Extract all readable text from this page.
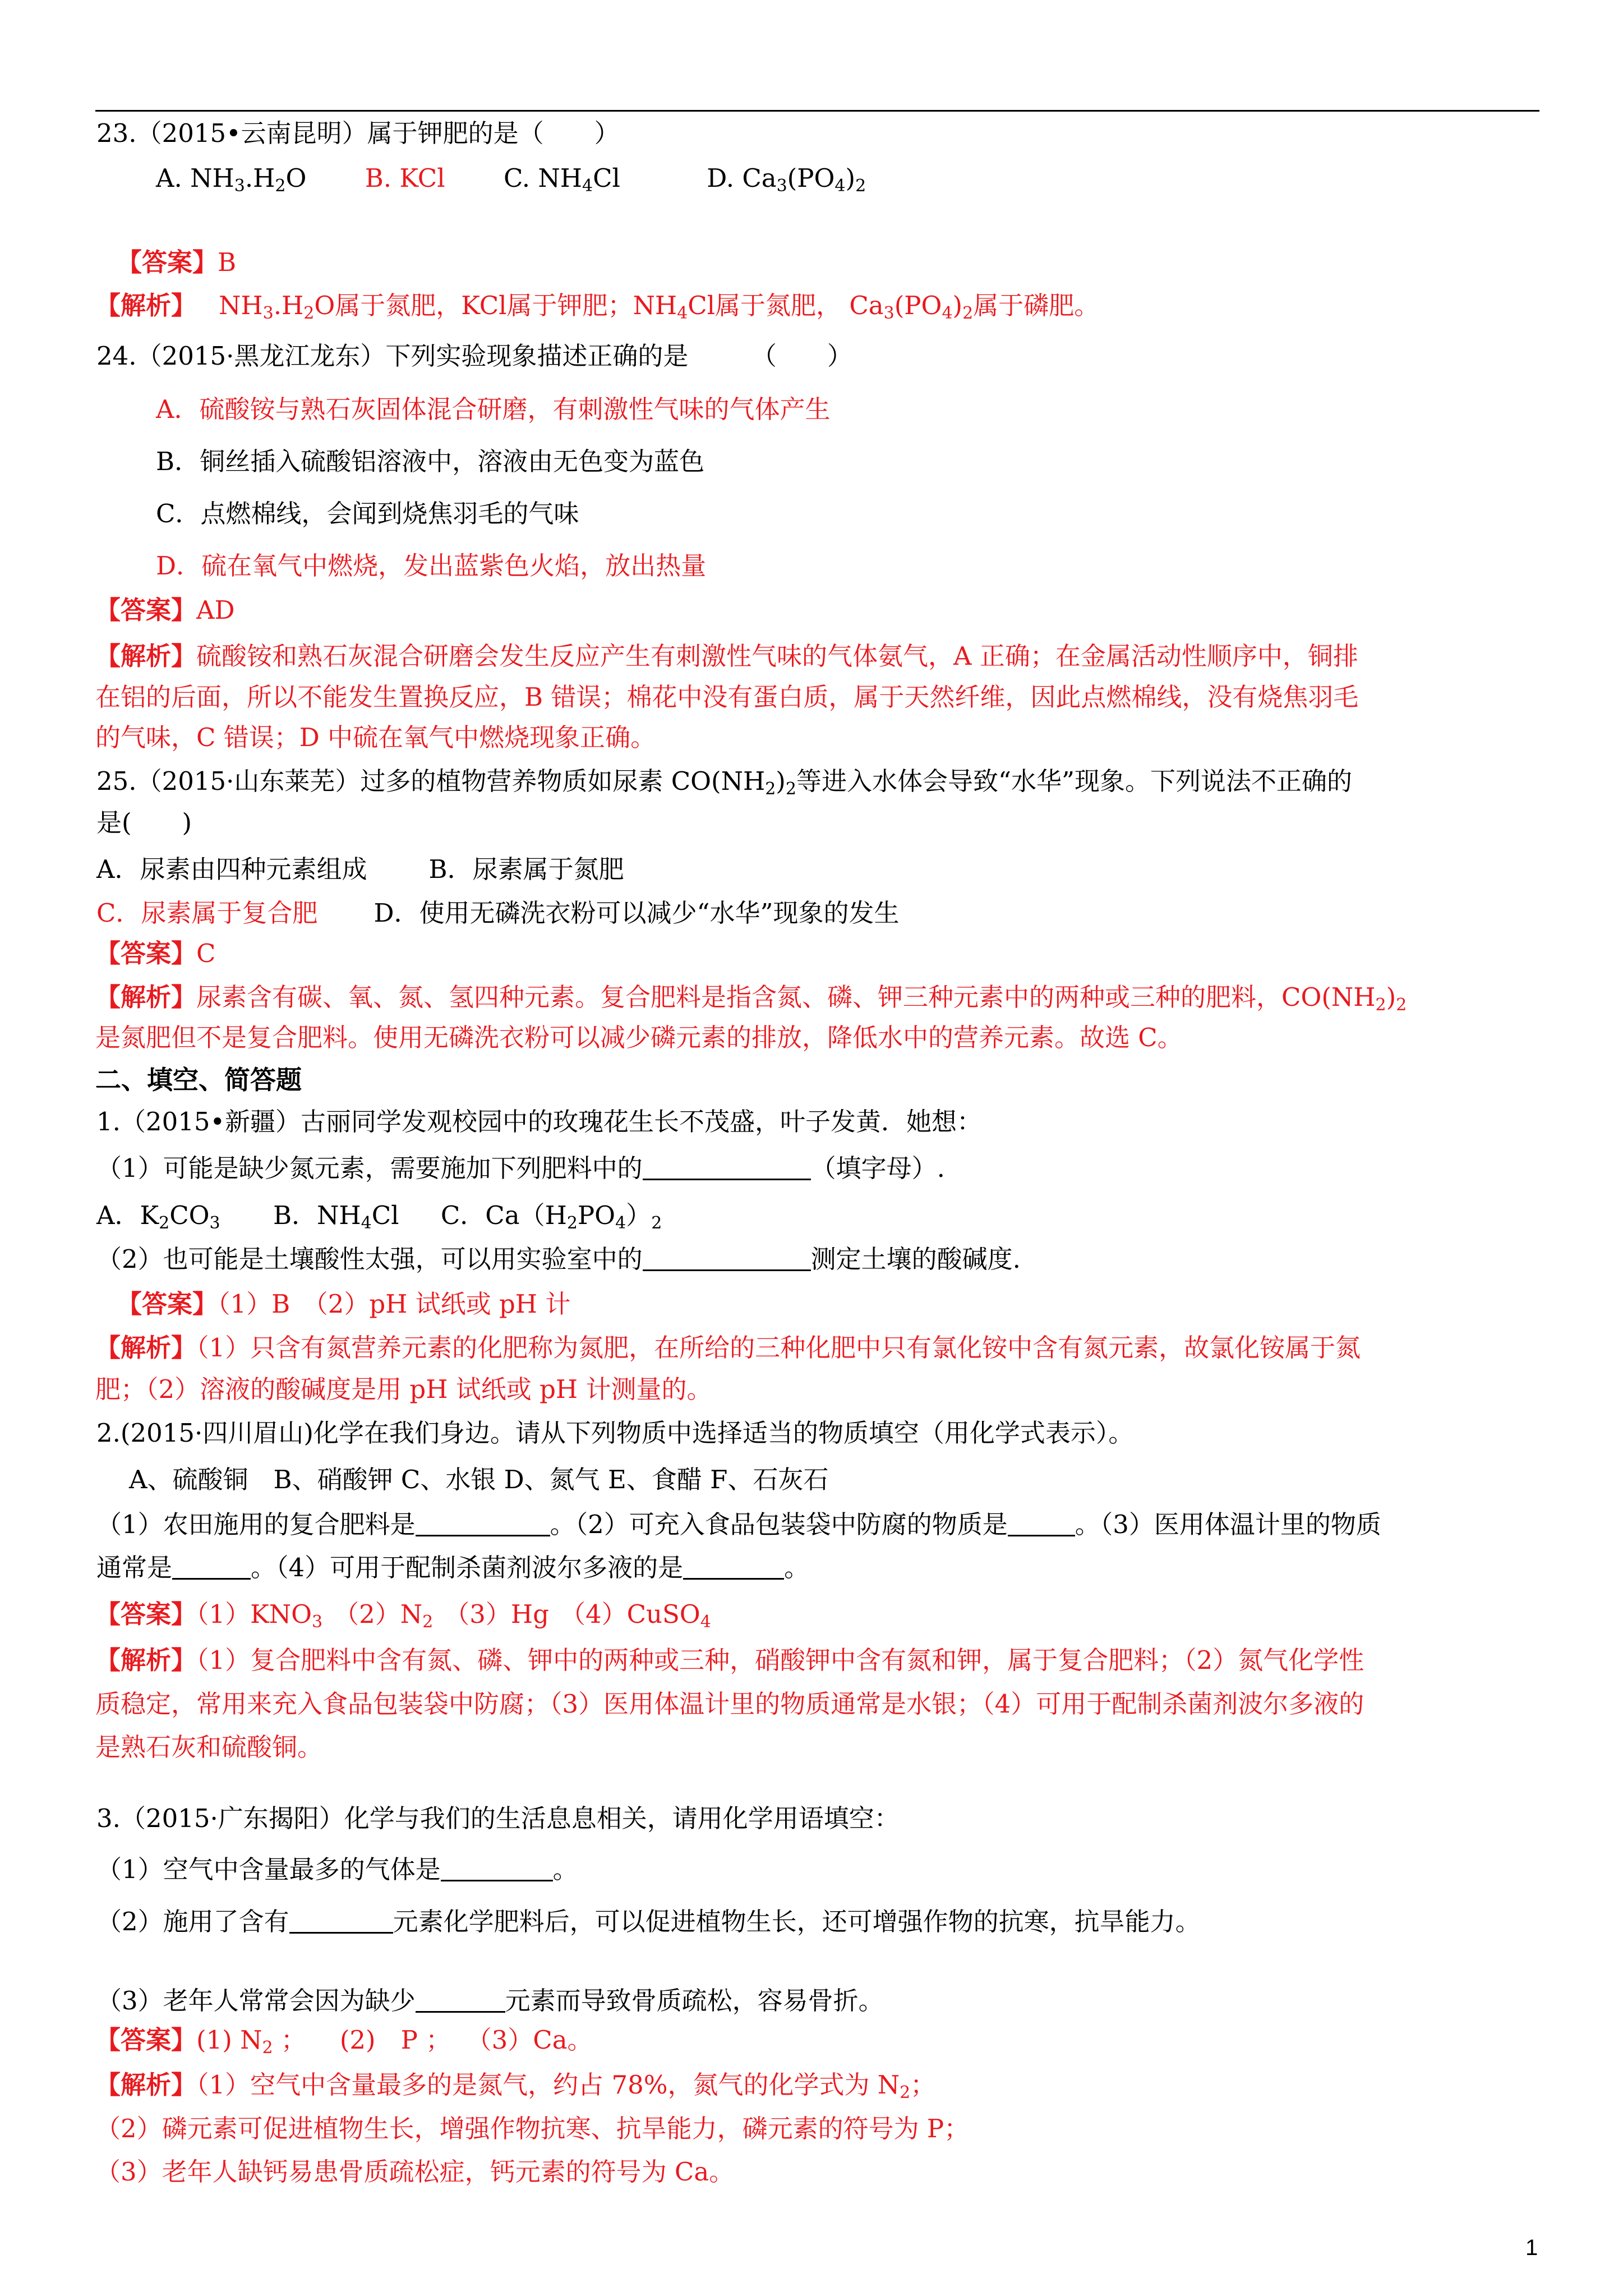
23.（2015•云南昆明）属于钾肥的是（　　）
A. $NH_3.H_2O$ B. KCl C. $NH_4Cl$	D. $Ca_3(PO_4)_2$
【答案】B
【解析】 $NH_3.H_2O$属于氮肥，KCl属于钾肥；$NH_4Cl$属于氮肥， $Ca_3(PO_4)_2$属于磷肥。
24.（2015·黑龙江龙东）下列实验现象描述正确的是　　　（　　）
A．硫酸铵与熟石灰固体混合研磨，有刺激性气味的气体产生
B．铜丝插入硫酸铝溶液中，溶液由无色变为蓝色
C．点燃棉线，会闻到烧焦羽毛的气味
D．硫在氧气中燃烧，发出蓝紫色火焰，放出热量
【答案】AD
【解析】硫酸铵和熟石灰混合研磨会发生反应产生有刺激性气味的气体氨气，A 正确；在金属活动性顺序中，铜排
在铝的后面，所以不能发生置换反应，B 错误；棉花中没有蛋白质，属于天然纤维，因此点燃棉线，没有烧焦羽毛
的气味，C 错误；D 中硫在氧气中燃烧现象正确。
25.（2015·山东莱芜）过多的植物营养物质如尿素 $CO(NH_2)_2$等进入水体会导致“水华”现象。下列说法不正确的
是(　　)
A．尿素由四种元素组成 B．尿素属于氮肥
C．尿素属于复合肥 D．使用无磷洗衣粉可以减少“水华”现象的发生
【答案】C
【解析】尿素含有碳、氧、氮、氢四种元素。复合肥料是指含氮、磷、钾三种元素中的两种或三种的肥料，$CO(NH_2)_2$
是氮肥但不是复合肥料。使用无磷洗衣粉可以减少磷元素的排放，降低水中的营养元素。故选 C。
二、填空、简答题
1.（2015•新疆）古丽同学发观校园中的玫瑰花生长不茂盛，叶子发黄．她想：
（1）可能是缺少氮元素，需要施加下列肥料中的	（填字母）.
A．$K_2CO_3$ B．$NH_4Cl$ C．$Ca(H_2PO_4)_2$
（2）也可能是土壤酸性太强，可以用实验室中的	测定土壤的酸碱度.
【答案】（1）B　（2）pH 试纸或 pH 计
【解析】（1）只含有氮营养元素的化肥称为氮肥，在所给的三种化肥中只有氯化铵中含有氮元素，故氯化铵属于氮
肥；（2）溶液的酸碱度是用 pH 试纸或 pH 计测量的。
2.(2015·四川眉山)化学在我们身边。请从下列物质中选择适当的物质填空（用化学式表示）。
A、硫酸铜　B、硝酸钾 C、水银 D、氮气 E、食醋 F、石灰石
（1）农田施用的复合肥料是	。（2）可充入食品包装袋中防腐的物质是	。（3）医用体温计里的物质
通常是	。（4）可用于配制杀菌剂波尔多液的是	。
【答案】$(1)KNO_3$ $(2)N_2$ （3）Hg （4）CuSO$_4$
【解析】（1）复合肥料中含有氮、磷、钾中的两种或三种，硝酸钾中含有氮和钾，属于复合肥料；（2）氮气化学性
质稳定，常用来充入食品包装袋中防腐；（3）医用体温计里的物质通常是水银；（4）可用于配制杀菌剂波尔多液的
是熟石灰和硫酸铜。
3.（2015·广东揭阳）化学与我们的生活息息相关，请用化学用语填空：
（1）空气中含量最多的气体是	。
（2）施用了含有	元素化学肥料后，可以促进植物生长，还可增强作物的抗寒，抗旱能力。
（3）老年人常常会因为缺少	元素而导致骨质疏松，容易骨折。
【答案】(1) $N_2$ ； (2)　P ； （3）Ca。
【解析】（1）空气中含量最多的是氮气，约占 78%，氮气的化学式为 $N_2$；
（2）磷元素可促进植物生长，增强作物抗寒、抗旱能力，磷元素的符号为 P；
（3）老年人缺钙易患骨质疏松症，钙元素的符号为 Ca。
1
